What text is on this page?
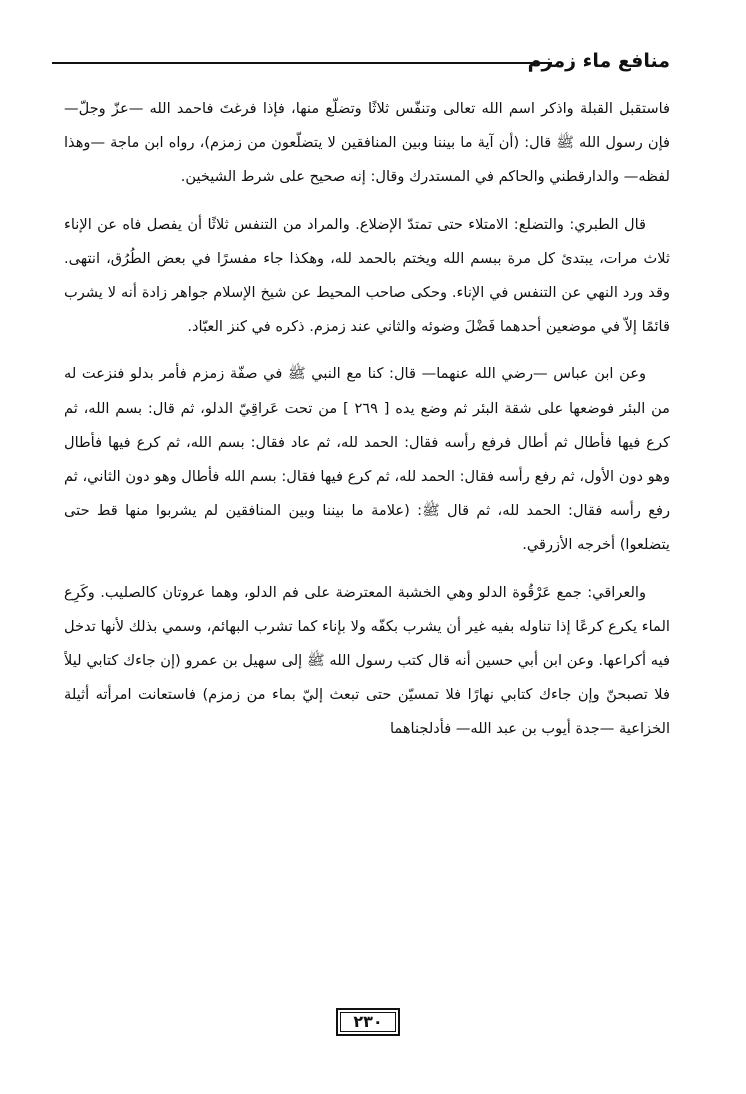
منافع ماء زمزم

فاستقبل القبلة واذكر اسم الله تعالى وتنفّس ثلاثًا وتضلّع منها، فإذا فرغتَ فاحمد الله —عزّ وجلّ— فإن رسول الله ﷺ قال: (أن آية ما بيننا وبين المنافقين لا يتضلّعون من زمزم)، رواه ابن ماجة —وهذا لفظه— والدارقطني والحاكم في المستدرك وقال: إنه صحيح على شرط الشيخين.

قال الطبري: والتضلع: الامتلاء حتى تمتدّ الإضلاع. والمراد من التنفس ثلاثًا أن يفصل فاه عن الإناء ثلاث مرات، يبتدئ كل مرة ببسم الله ويختم بالحمد لله، وهكذا جاء مفسرًا في بعض الطُرُق، انتهى. وقد ورد النهي عن التنفس في الإناء. وحكى صاحب المحيط عن شيخ الإسلام جواهر زادة أنه لا يشرب قائمًا إلاّ في موضعين أحدهما فَضْلَ وضوئه والثاني عند زمزم. ذكره في كنز العبّاد.

وعن ابن عباس —رضي الله عنهما— قال: كنا مع النبي ﷺ في صفّة زمزم فأمر بدلو فنزعت له من البئر فوضعها على شقة البئر ثم وضع يده [ ٢٦٩ ] من تحت عَراقِيّ الدلو، ثم قال: بسم الله، ثم كرع فيها فأطال ثم أطال فرفع رأسه فقال: الحمد لله، ثم عاد فقال: بسم الله، ثم كرع فيها فأطال وهو دون الأول، ثم رفع رأسه فقال: الحمد لله، ثم كرع فيها فقال: بسم الله فأطال وهو دون الثاني، ثم رفع رأسه فقال: الحمد لله، ثم قال ﷺ: (علامة ما بيننا وبين المنافقين لم يشربوا منها قط حتى يتضلعوا) أخرجه الأزرقي.

والعراقي: جمع عَرْقُوة الدلو وهي الخشبة المعترضة على فم الدلو، وهما عروتان كالصليب. وكَرِع الماء يكرع كرعًا إذا تناوله بفيه غير أن يشرب بكفّه ولا بإناء كما تشرب البهائم، وسمي بذلك لأنها تدخل فيه أكراعها. وعن ابن أبي حسين أنه قال كتب رسول الله ﷺ إلى سهيل بن عمرو (إن جاءك كتابي ليلاً فلا تصبحنّ وإن جاءك كتابي نهارًا فلا تمسيّن حتى تبعث إليّ بماء من زمزم) فاستعانت امرأته أثيلة الخزاعية —جدة أيوب بن عبد الله— فأدلجناهما

٢٣٠
